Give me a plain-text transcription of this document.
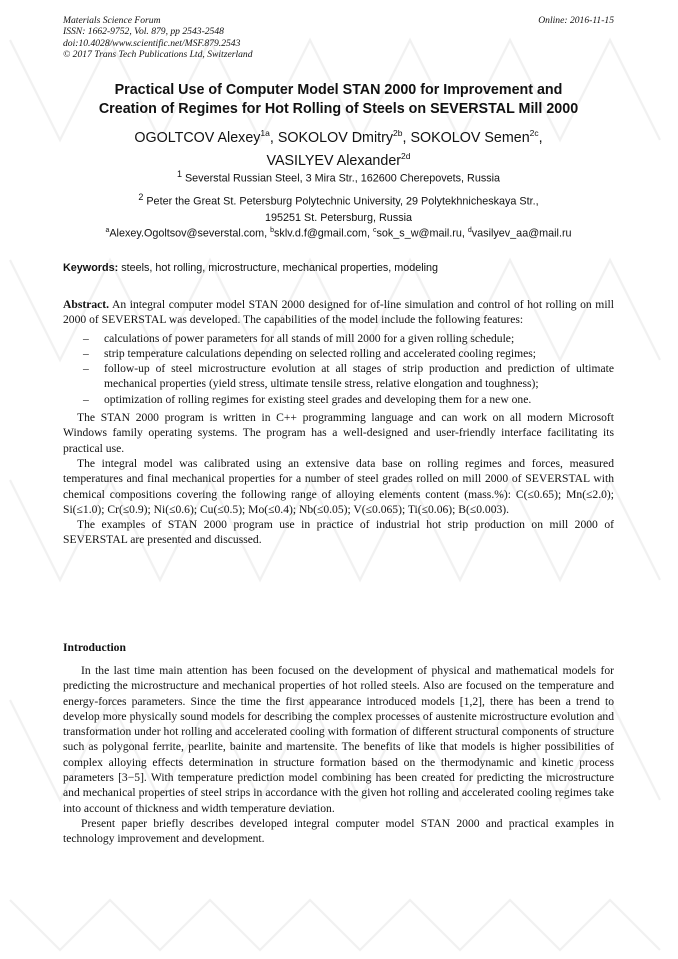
Materials Science Forum
ISSN: 1662-9752, Vol. 879, pp 2543-2548
doi:10.4028/www.scientific.net/MSF.879.2543
© 2017 Trans Tech Publications Ltd, Switzerland
Online: 2016-11-15
Practical Use of Computer Model STAN 2000 for Improvement and
Creation of Regimes for Hot Rolling of Steels on SEVERSTAL Mill 2000
OGOLTCOV Alexey$^{1a}$, SOKOLOV Dmitry$^{2b}$, SOKOLOV Semen$^{2c}$,
VASILYEV Alexander$^{2d}$
$^1$ Severstal Russian Steel, 3 Mira Str., 162600 Cherepovets, Russia
$^2$ Peter the Great St. Petersburg Polytechnic University, 29 Polytekhnicheskaya Str.,
195251 St. Petersburg, Russia
$^a$Alexey.Ogoltsov@severstal.com, $^b$sklv.d.f@gmail.com, $^c$sok_s_w@mail.ru, $^d$vasilyev_aa@mail.ru
Keywords: steels, hot rolling, microstructure, mechanical properties, modeling

Abstract. An integral computer model STAN 2000 designed for of-line simulation and control of hot rolling on mill 2000 of SEVERSTAL was developed. The capabilities of the model include the following features:

– calculations of power parameters for all stands of mill 2000 for a given rolling schedule;
– strip temperature calculations depending on selected rolling and accelerated cooling regimes;
– follow-up of steel microstructure evolution at all stages of strip production and prediction of ultimate mechanical properties (yield stress, ultimate tensile stress, relative elongation and toughness);
– optimization of rolling regimes for existing steel grades and developing them for a new one.

The STAN 2000 program is written in C++ programming language and can work on all modern Microsoft Windows family operating systems. The program has a well-designed and user-friendly interface facilitating its practical use.

The integral model was calibrated using an extensive data base on rolling regimes and forces, measured temperatures and final mechanical properties for a number of steel grades rolled on mill 2000 of SEVERSTAL with chemical compositions covering the following range of alloying elements content (mass.%): C(≤0.65); Mn(≤2.0); Si(≤1.0); Cr(≤0.9); Ni(≤0.6); Cu(≤0.5); Mo(≤0.4); Nb(≤0.05); V(≤0.065); Ti(≤0.06); B(≤0.003).

The examples of STAN 2000 program use in practice of industrial hot strip production on mill 2000 of SEVERSTAL are presented and discussed.

Introduction

In the last time main attention has been focused on the development of physical and mathematical models for predicting the microstructure and mechanical properties of hot rolled steels. Also are focused on the temperature and energy-forces parameters. Since the time the first appearance introduced models [1,2], there has been a trend to develop more physically sound models for describing the complex processes of austenite microstructure evolution and transformation under hot rolling and accelerated cooling with formation of different structural components of structure such as polygonal ferrite, pearlite, bainite and martensite. The benefits of like that models is higher possibilities of complex alloying effects determination in structure formation based on the thermodynamic and kinetic process parameters [3−5]. With temperature prediction model combining has been created for predicting the microstructure and mechanical properties of steel strips in accordance with the given hot rolling and accelerated cooling regimes take into account of thickness and width temperature deviation.

Present paper briefly describes developed integral computer model STAN 2000 and practical examples in technology improvement and development.
